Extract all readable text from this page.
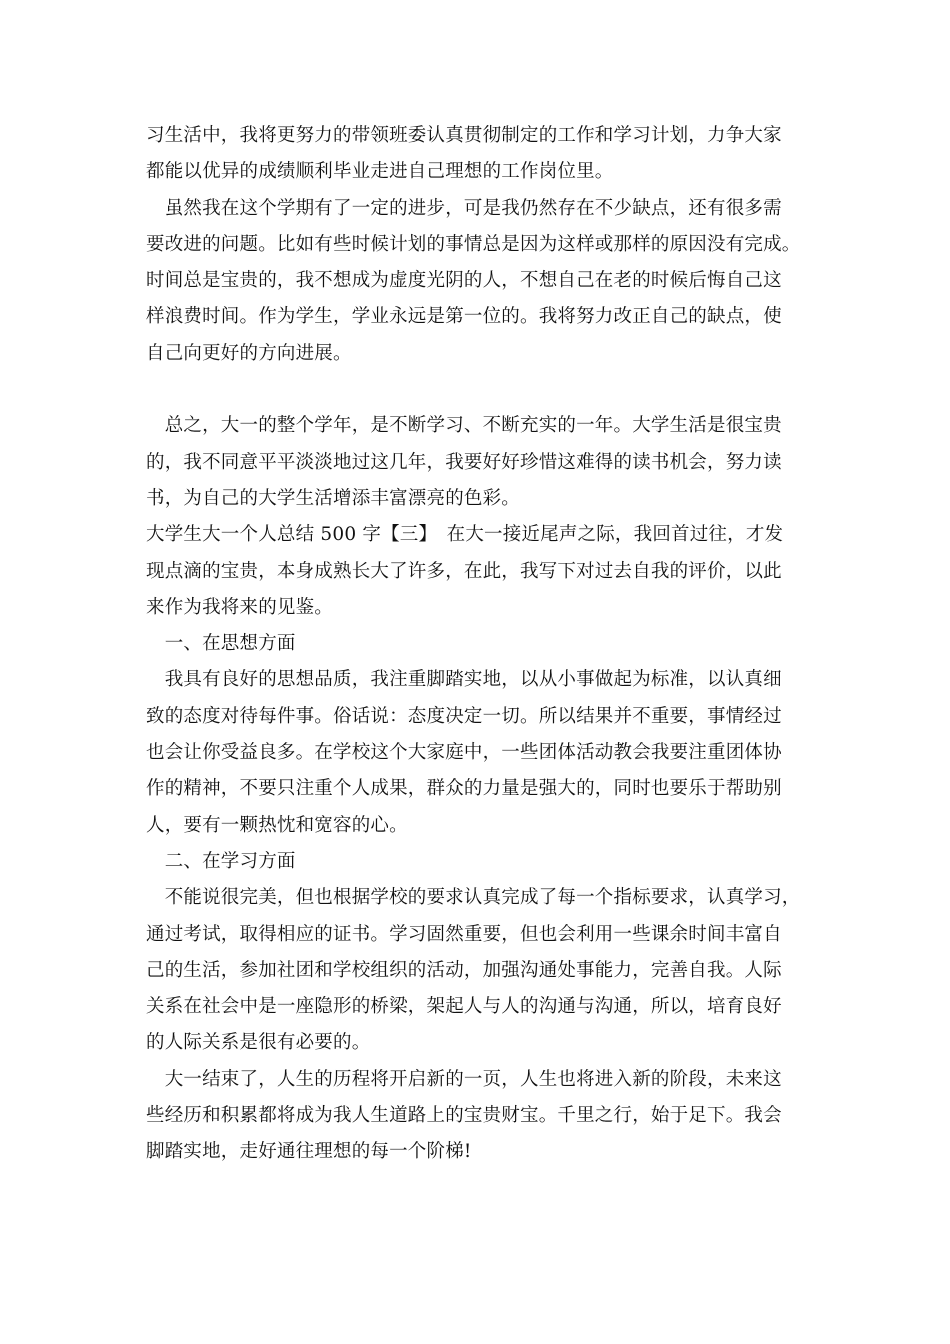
习生活中，我将更努力的带领班委认真贯彻制定的工作和学习计划，力争大家
都能以优异的成绩顺利毕业走进自己理想的工作岗位里。
　虽然我在这个学期有了一定的进步，可是我仍然存在不少缺点，还有很多需
要改进的问题。比如有些时候计划的事情总是因为这样或那样的原因没有完成。
时间总是宝贵的，我不想成为虚度光阴的人，不想自己在老的时候后悔自己这
样浪费时间。作为学生，学业永远是第一位的。我将努力改正自己的缺点，使
自己向更好的方向进展。
　总之，大一的整个学年，是不断学习、不断充实的一年。大学生活是很宝贵
的，我不同意平平淡淡地过这几年，我要好好珍惜这难得的读书机会，努力读
书，为自己的大学生活增添丰富漂亮的色彩。
大学生大一个人总结 500 字【三】　在大一接近尾声之际，我回首过往，才发
现点滴的宝贵，本身成熟长大了许多，在此，我写下对过去自我的评价，以此
来作为我将来的见鉴。
　一、在思想方面
　我具有良好的思想品质，我注重脚踏实地，以从小事做起为标准，以认真细
致的态度对待每件事。俗话说：态度决定一切。所以结果并不重要，事情经过
也会让你受益良多。在学校这个大家庭中，一些团体活动教会我要注重团体协
作的精神，不要只注重个人成果，群众的力量是强大的，同时也要乐于帮助别
人，要有一颗热忱和宽容的心。
　二、在学习方面
　不能说很完美，但也根据学校的要求认真完成了每一个指标要求，认真学习，
通过考试，取得相应的证书。学习固然重要，但也会利用一些课余时间丰富自
己的生活，参加社团和学校组织的活动，加强沟通处事能力，完善自我。人际
关系在社会中是一座隐形的桥梁，架起人与人的沟通与沟通，所以，培育良好
的人际关系是很有必要的。
　大一结束了，人生的历程将开启新的一页，人生也将进入新的阶段，未来这
些经历和积累都将成为我人生道路上的宝贵财宝。千里之行，始于足下。我会
脚踏实地，走好通往理想的每一个阶梯!
